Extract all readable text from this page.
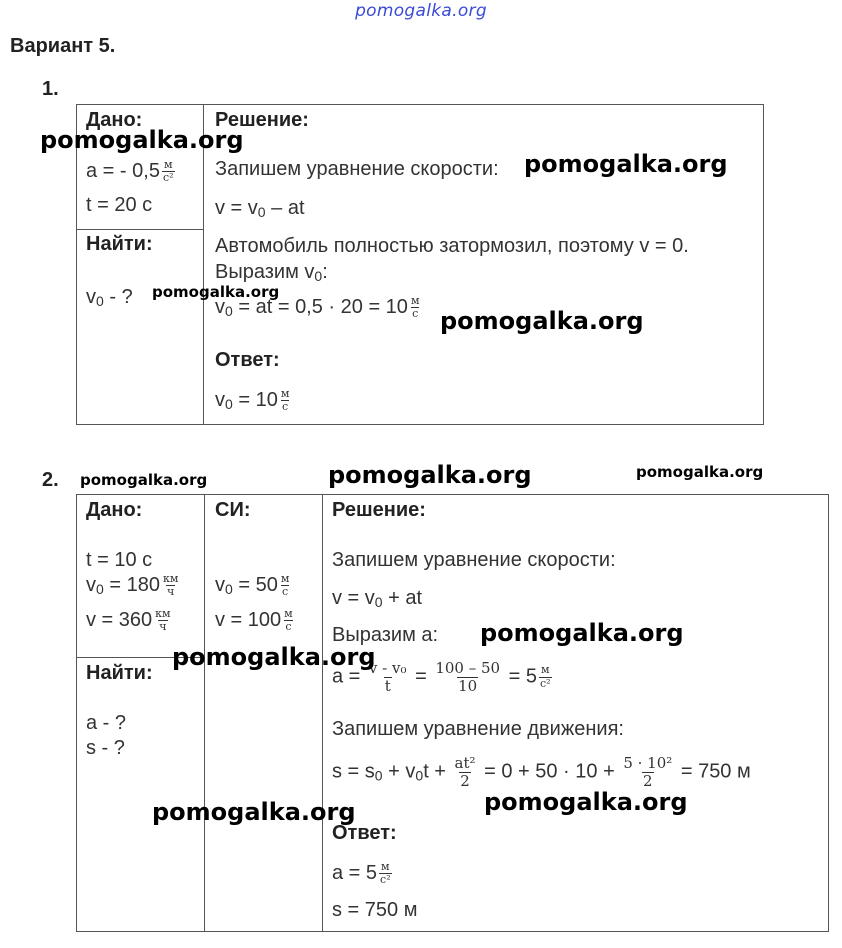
pomogalka.org
Вариант 5.
1.
Дано:
a = - $0,5 \frac{м}{\text{с²}}$
t = 20 с
Найти:
$v_0$ - ?
Решение:
Запишем уравнение скорости:
$v = v_0$ – at
Автомобиль полностью затормозил, поэтому v = 0.
Выразим $v_0$:
$v_0$ = at = $0,5 \cdot 20 = 10 \frac{м}{с}$
Ответ:
$v_0 = 10 \frac{м}{с}$
pomogalka.org
pomogalka.org
pomogalka.org
pomogalka.org
2.
Дано:
t = 10 с
$v_0 = 180 \frac{км}{ч}$
$v = 360 \frac{км}{ч}$
Найти:
a - ?
s - ?
СИ:
$v_0 = 50 \frac{м}{с}$
$v = 100 \frac{м}{с}$
Решение:
Запишем уравнение скорости:
$v = v_0$ + at
Выразим a:
$a = \frac{\text{v - v₀}}{t} = \frac{100 - 50}{10} = 5 \frac{м}{\text{с²}}$
Запишем уравнение движения:
$s = s_0 + v_0t + \frac{\text{at²}}{2} = 0 + 50 \cdot 10 + \frac{\text{5 · 10²}}{2} = 750$ м
Ответ:
$a = 5 \frac{м}{\text{с²}}$
s = 750 м
pomogalka.org	pomogalka.org	pomogalka.org
pomogalka.org
pomogalka.org
pomogalka.org
pomogalka.org
